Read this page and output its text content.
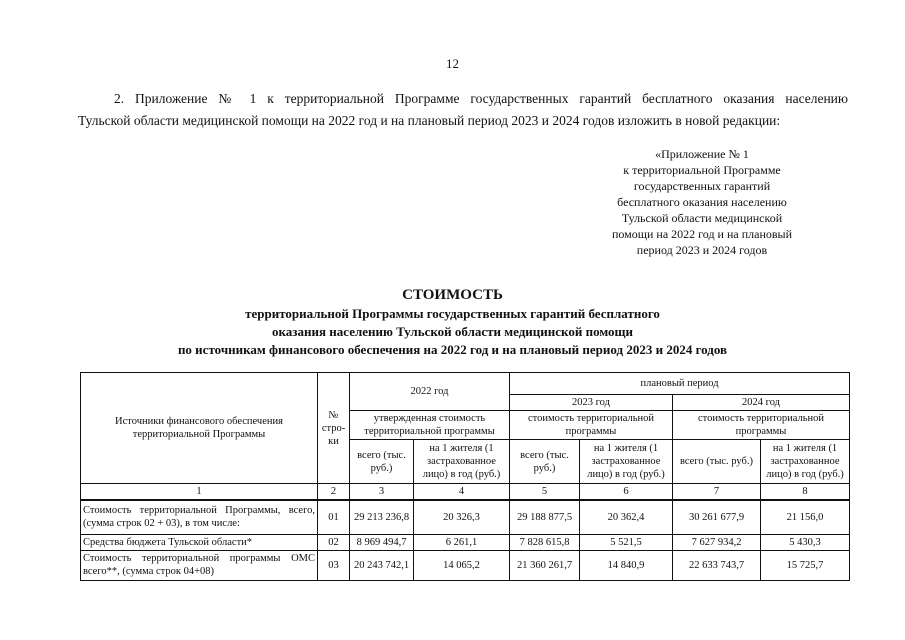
12
2. Приложение № 1 к территориальной Программе государственных гарантий бесплатного оказания населению
Тульской области медицинской помощи на 2022 год и на плановый период 2023 и 2024 годов изложить в новой редакции:
«Приложение № 1
к территориальной Программе
государственных гарантий
бесплатного оказания населению
Тульской области медицинской
помощи на 2022 год и на плановый
период 2023 и 2024 годов
СТОИМОСТЬ
территориальной Программы государственных гарантий бесплатного
оказания населению Тульской области медицинской помощи
по источникам финансового обеспечения на 2022 год и на плановый период 2023 и 2024 годов
Источники финансового обеспечения территориальной Программы	№ стро-ки	2022 год		плановый период			
				2023 год		2024 год	
		утвержденная стоимость территориальной программы		стоимость территориальной программы		стоимость территориальной программы	
		всего (тыс. руб.)	на 1 жителя (1 застрахованное лицо) в год (руб.)	всего (тыс. руб.)	на 1 жителя (1 застрахованное лицо) в год (руб.)	всего (тыс. руб.)	на 1 жителя (1 застрахованное лицо) в год (руб.)
1	2	3	4	5	6	7	8
Стоимость территориальной Программы, всего, (сумма строк 02 + 03), в том числе:	01	29 213 236,8	20 326,3	29 188 877,5	20 362,4	30 261 677,9	21 156,0
Средства бюджета Тульской области*	02	8 969 494,7	6 261,1	7 828 615,8	5 521,5	7 627 934,2	5 430,3
Стоимость территориальной программы ОМС всего**, (сумма строк 04+08)	03	20 243 742,1	14 065,2	21 360 261,7	14 840,9	22 633 743,7	15 725,7
